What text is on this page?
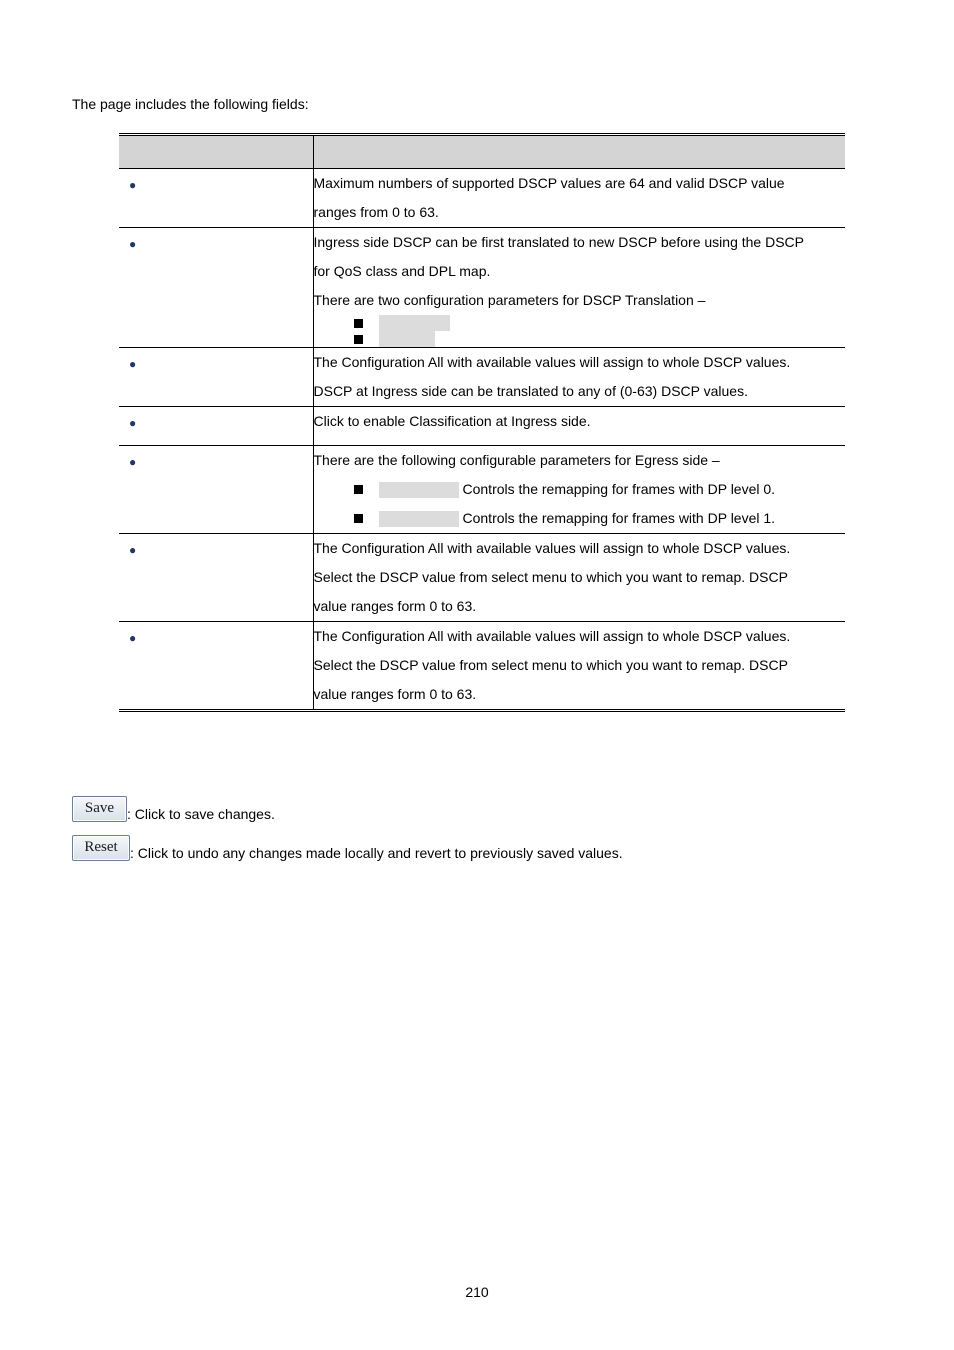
The page includes the following fields:

●	Maximum numbers of supported DSCP values are 64 and valid DSCP value
ranges from 0 to 63.

●	Ingress side DSCP can be first translated to new DSCP before using the DSCP
for QoS class and DPL map.
There are two configuration parameters for DSCP Translation –

●	The Configuration All with available values will assign to whole DSCP values.
DSCP at Ingress side can be translated to any of (0-63) DSCP values.

●	Click to enable Classification at Ingress side.

●	There are the following configurable parameters for Egress side –
Controls the remapping for frames with DP level 0.
Controls the remapping for frames with DP level 1.

●	The Configuration All with available values will assign to whole DSCP values.
Select the DSCP value from select menu to which you want to remap. DSCP
value ranges form 0 to 63.

●	The Configuration All with available values will assign to whole DSCP values.
Select the DSCP value from select menu to which you want to remap. DSCP
value ranges form 0 to 63.
Save : Click to save changes.
Reset : Click to undo any changes made locally and revert to previously saved values.
210
